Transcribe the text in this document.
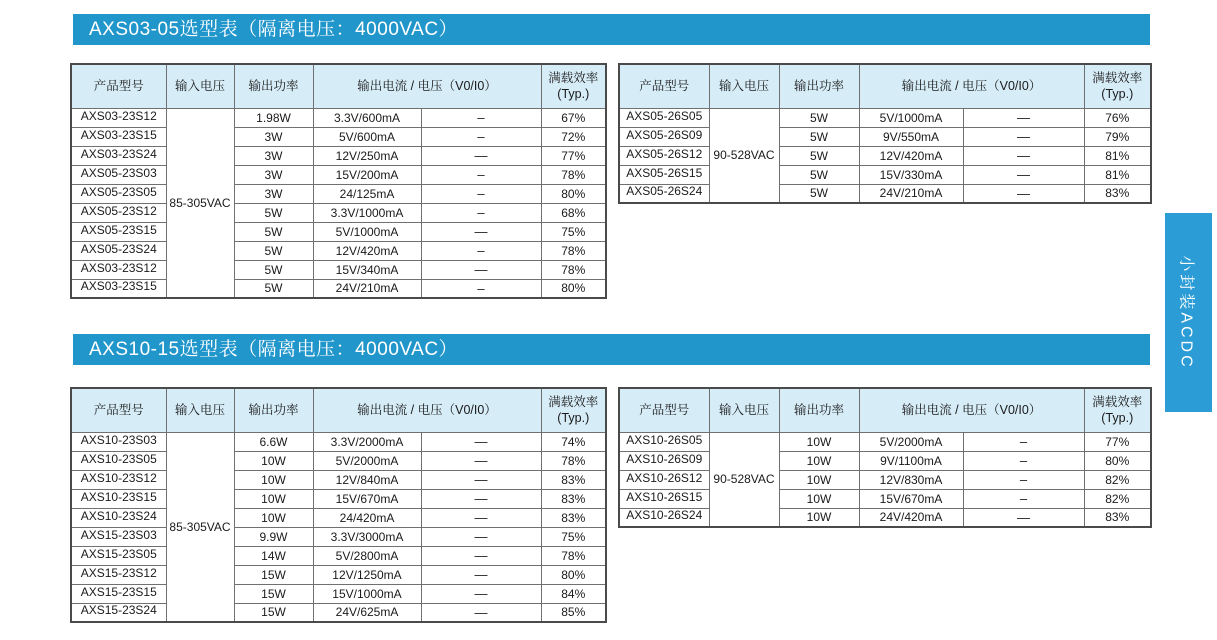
AXS03-05选型表（隔离电压：4000VAC）
产品型号	输入电压	输出功率	输出电流 / 电压（V0/I0）		满载效率
(Typ.)
AXS03-23S12	85-305VAC	1.98W	3.3V/600mA	–	67%
AXS03-23S15		3W	5V/600mA	–	72%
AXS03-23S24		3W	12V/250mA	—	77%
AXS05-23S03		3W	15V/200mA	–	78%
AXS05-23S05		3W	24/125mA	–	80%
AXS05-23S12		5W	3.3V/1000mA	–	68%
AXS05-23S15		5W	5V/1000mA	—	75%
AXS05-23S24		5W	12V/420mA	–	78%
AXS03-23S12		5W	15V/340mA	—	78%
AXS03-23S15		5W	24V/210mA	–	80%
产品型号	输入电压	输出功率	输出电流 / 电压（V0/I0）		满载效率
(Typ.)
AXS05-26S05	90-528VAC	5W	5V/1000mA	—	76%
AXS05-26S09		5W	9V/550mA	—	79%
AXS05-26S12		5W	12V/420mA	—	81%
AXS05-26S15		5W	15V/330mA	—	81%
AXS05-26S24		5W	24V/210mA	—	83%
AXS10-15选型表（隔离电压：4000VAC）
产品型号	输入电压	输出功率	输出电流 / 电压（V0/I0）		满载效率
(Typ.)
AXS10-23S03	85-305VAC	6.6W	3.3V/2000mA	—	74%
AXS10-23S05		10W	5V/2000mA	—	78%
AXS10-23S12		10W	12V/840mA	—	83%
AXS10-23S15		10W	15V/670mA	—	83%
AXS10-23S24		10W	24/420mA	—	83%
AXS15-23S03		9.9W	3.3V/3000mA	—	75%
AXS15-23S05		14W	5V/2800mA	—	78%
AXS15-23S12		15W	12V/1250mA	—	80%
AXS15-23S15		15W	15V/1000mA	—	84%
AXS15-23S24		15W	24V/625mA	—	85%
产品型号	输入电压	输出功率	输出电流 / 电压（V0/I0）		满载效率
(Typ.)
AXS10-26S05	90-528VAC	10W	5V/2000mA	–	77%
AXS10-26S09		10W	9V/1100mA	–	80%
AXS10-26S12		10W	12V/830mA	–	82%
AXS10-26S15		10W	15V/670mA	–	82%
AXS10-26S24		10W	24V/420mA	—	83%
小封装ACDC
